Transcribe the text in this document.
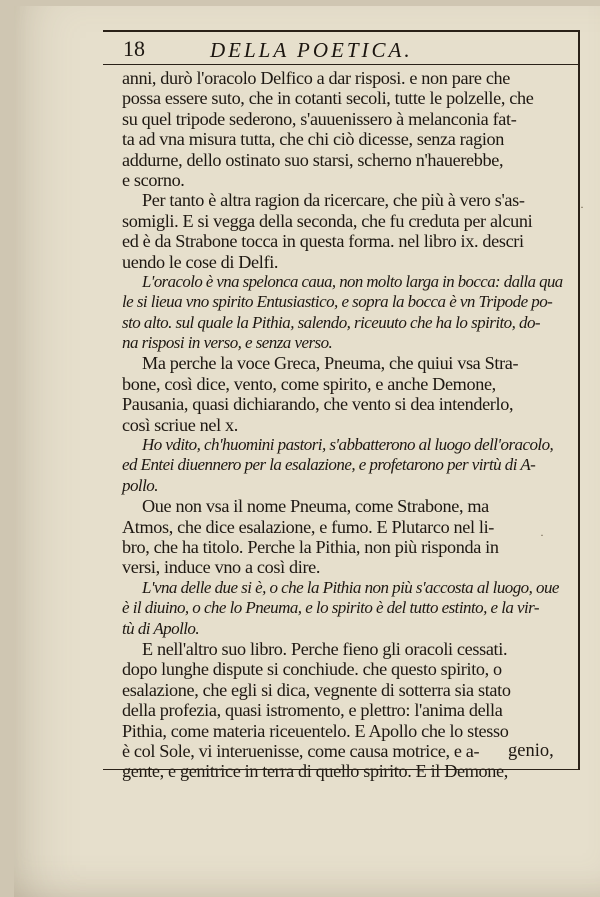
18	DELLA POETICA.
anni, durò l'oracolo Delfico a dar risposi. e non pare che
possa essere suto, che in cotanti secoli, tutte le polzelle, che
su quel tripode sederono, s'auuenissero à melanconia fat-
ta ad vna misura tutta, che chi ciò dicesse, senza ragion
addurne, dello ostinato suo starsi, scherno n'hauerebbe,
e scorno.
Per tanto è altra ragion da ricercare, che più à vero s'as-
somigli. E si vegga della seconda, che fu creduta per alcuni
ed è da Strabone tocca in questa forma. nel libro ix. descri
uendo le cose di Delfi.
L'oracolo è vna spelonca caua, non molto larga in bocca: dalla qua
le si lieua vno spirito Entusiastico, e sopra la bocca è vn Tripode po-
sto alto. sul quale la Pithia, salendo, riceuuto che ha lo spirito, do-
na risposi in verso, e senza verso.
Ma perche la voce Greca, Pneuma, che quiui vsa Stra-
bone, così dice, vento, come spirito, e anche Demone,
Pausania, quasi dichiarando, che vento si dea intenderlo,
così scriue nel x.
Ho vdito, ch'huomini pastori, s'abbatterono al luogo dell'oracolo,
ed Entei diuennero per la esalazione, e profetarono per virtù di A-
pollo.
Oue non vsa il nome Pneuma, come Strabone, ma
Atmos, che dice esalazione, e fumo. E Plutarco nel li-
bro, che ha titolo. Perche la Pithia, non più risponda in
versi, induce vno a così dire.
L'vna delle due si è, o che la Pithia non più s'accosta al luogo, oue
è il diuino, o che lo Pneuma, e lo spirito è del tutto estinto, e la vir-
tù di Apollo.
E nell'altro suo libro. Perche fieno gli oracoli cessati.
dopo lunghe dispute si conchiude. che questo spirito, o
esalazione, che egli si dica, vegnente di sotterra sia stato
della profezia, quasi istromento, e plettro: l'anima della
Pithia, come materia riceuentelo. E Apollo che lo stesso
è col Sole, vi interuenisse, come causa motrice, e a-
gente, e genitrice in terra di quello spirito. E il Demone,
genio,
·
·
